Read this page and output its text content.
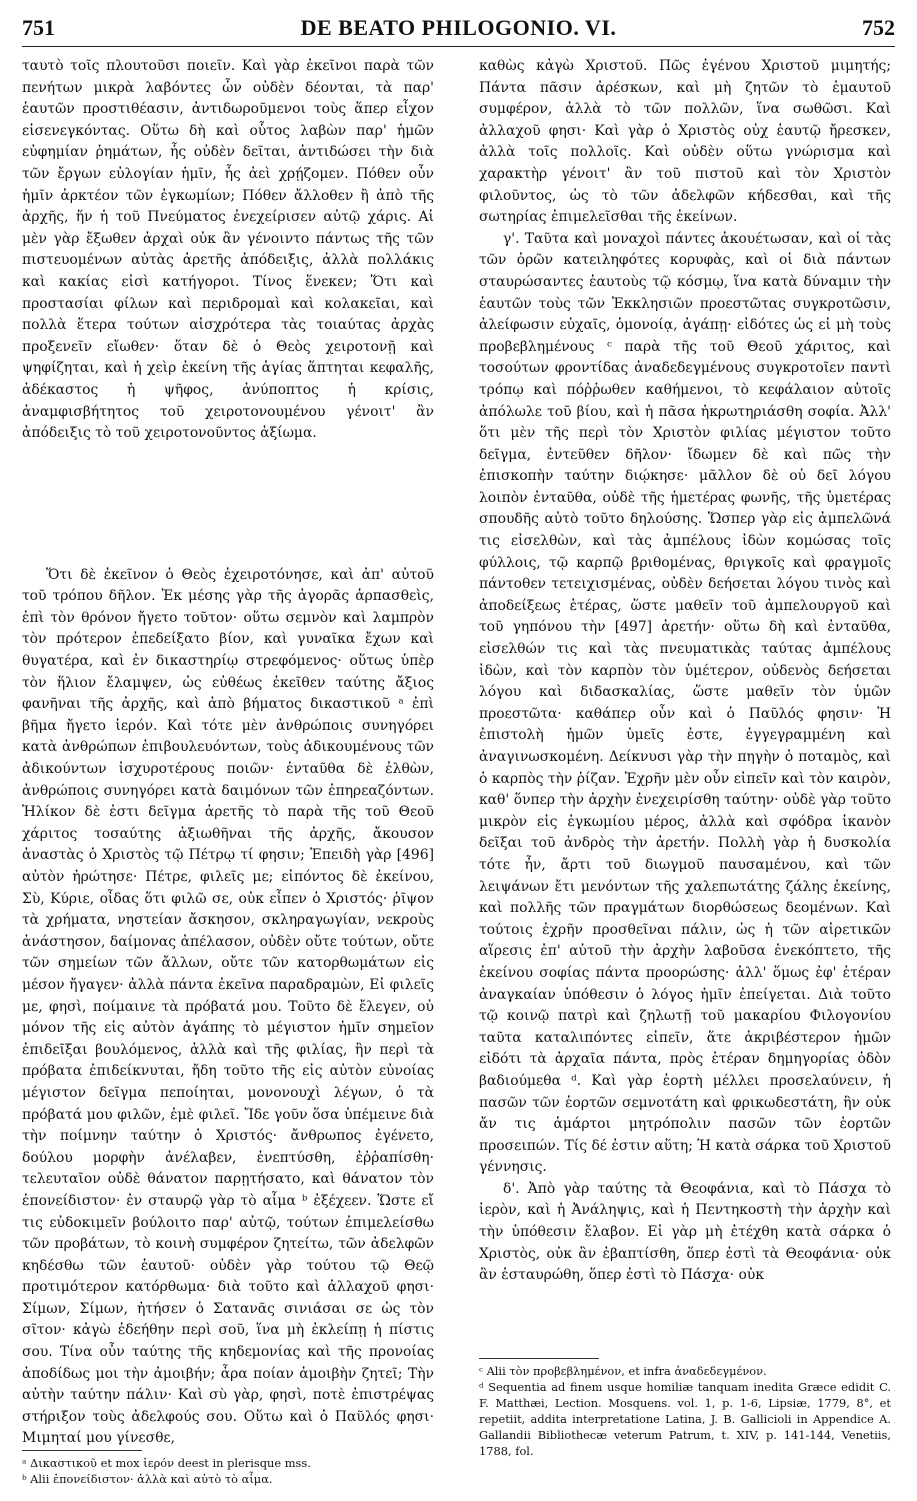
751	DE BEATO PHILOGONIO. VI.	752

ταυτὸ τοῖς πλουτοῦσι ποιεῖν. Καὶ γὰρ ἐκεῖνοι παρὰ τῶν πενήτων μικρὰ λαβόντες ὧν οὐδὲν δέονται, τὰ παρ' ἑαυτῶν προστιθέασιν, ἀντιδωροῦμενοι τοὺς ἅπερ εἶχον εἰσενεγκόντας. Οὕτω δὴ καὶ οὗτος λαβὼν παρ' ἡμῶν εὐφημίαν ῥημάτων, ἧς οὐδὲν δεῖται, ἀντιδώσει τὴν διὰ τῶν ἔργων εὐλογίαν ἡμῖν, ἧς ἀεὶ χρῄζομεν. Πόθεν οὖν ἡμῖν ἀρκτέον τῶν ἐγκωμίων; Πόθεν ἄλλοθεν ἢ ἀπὸ τῆς ἀρχῆς, ἥν ἡ τοῦ Πνεύματος ἐνεχείρισεν αὐτῷ χάρις. Αἱ μὲν γὰρ ἔξωθεν ἀρχαὶ οὐκ ἂν γένοιντο πάντως τῆς τῶν πιστευομένων αὐτὰς ἀρετῆς ἀπόδειξις, ἀλλὰ πολλάκις καὶ κακίας εἰσὶ κατήγοροι. Τίνος ἕνεκεν; Ὅτι καὶ προστασίαι φίλων καὶ περιδρομαὶ καὶ κολακεῖαι, καὶ πολλὰ ἕτερα τούτων αἰσχρότερα τὰς τοιαύτας ἀρχὰς προξενεῖν εἴωθεν· ὅταν δὲ ὁ Θεὸς χειροτονῇ καὶ ψηφίζηται, καὶ ἡ χεὶρ ἐκείνη τῆς ἁγίας ἅπτηται κεφαλῆς, ἀδέκαστος ἡ ψῆφος, ἀνύποπτος ἡ κρίσις, ἀναμφισβήτητος τοῦ χειροτονουμένου γένοιτ' ἂν ἀπόδειξις τὸ τοῦ χειροτονοῦντος ἀξίωμα.

Ὅτι δὲ ἐκεῖνον ὁ Θεὸς ἐχειροτόνησε, καὶ ἀπ' αὐτοῦ τοῦ τρόπου δῆλον. Ἐκ μέσης γὰρ τῆς ἀγορᾶς ἁρπασθεὶς, ἐπὶ τὸν θρόνον ἤγετο τοῦτον· οὕτω σεμνὸν καὶ λαμπρὸν τὸν πρότερον ἐπεδείξατο βίον, καὶ γυναῖκα ἔχων καὶ θυγατέρα, καὶ ἐν δικαστηρίῳ στρεφόμενος· οὕτως ὑπὲρ τὸν ἥλιον ἔλαμψεν, ὡς εὐθέως ἐκεῖθεν ταύτης ἄξιος φανῆναι τῆς ἀρχῆς, καὶ ἀπὸ βήματος δικαστικοῦ ᵃ ἐπὶ βῆμα ἤγετο ἱερόν. Καὶ τότε μὲν ἀνθρώποις συνηγόρει κατὰ ἀνθρώπων ἐπιβουλευόντων, τοὺς ἀδικουμένους τῶν ἀδικούντων ἰσχυροτέρους ποιῶν· ἐνταῦθα δὲ ἐλθὼν, ἀνθρώποις συνηγόρει κατὰ δαιμόνων τῶν ἐπηρεαζόντων. Ἡλίκον δὲ ἐστι δεῖγμα ἀρετῆς τὸ παρὰ τῆς τοῦ Θεοῦ χάριτος τοσαύτης ἀξιωθῆναι τῆς ἀρχῆς, ἄκουσον ἀναστὰς ὁ Χριστὸς τῷ Πέτρῳ τί φησιν; Ἐπειδὴ γὰρ [496] αὐτὸν ἠρώτησε· Πέτρε, φιλεῖς με; εἰπόντος δὲ ἐκείνου, Σὺ, Κύριε, οἶδας ὅτι φιλῶ σε, οὐκ εἶπεν ὁ Χριστός· ῥῖψον τὰ χρήματα, νηστείαν ἄσκησον, σκληραγωγίαν, νεκροὺς ἀνάστησον, δαίμονας ἀπέλασον, οὐδὲν οὔτε τούτων, οὔτε τῶν σημείων τῶν ἄλλων, οὔτε τῶν κατορθωμάτων εἰς μέσον ἤγαγεν· ἀλλὰ πάντα ἐκεῖνα παραδραμὼν, Εἰ φιλεῖς με, φησὶ, ποίμαινε τὰ πρόβατά μου. Τοῦτο δὲ ἔλεγεν, οὐ μόνον τῆς εἰς αὐτὸν ἀγάπης τὸ μέγιστον ἡμῖν σημεῖον ἐπιδεῖξαι βουλόμενος, ἀλλὰ καὶ τῆς φιλίας, ἣν περὶ τὰ πρόβατα ἐπιδείκνυται, ἤδη τοῦτο τῆς εἰς αὐτὸν εὐνοίας μέγιστον δεῖγμα πεποίηται, μονονουχὶ λέγων, ὁ τὰ πρόβατά μου φιλῶν, ἐμὲ φιλεῖ. Ἴδε γοῦν ὅσα ὑπέμεινε διὰ τὴν ποίμνην ταύτην ὁ Χριστός· ἄνθρωπος ἐγένετο, δούλου μορφὴν ἀνέλαβεν, ἐνεπτύσθη, ἐῤῥαπίσθη· τελευταῖον οὐδὲ θάνατον παρῃτήσατο, καὶ θάνατον τὸν ἐπονείδιστον· ἐν σταυρῷ γὰρ τὸ αἷμα ᵇ ἐξέχεεν. Ὥστε εἴ τις εὐδοκιμεῖν βούλοιτο παρ' αὐτῷ, τούτων ἐπιμελείσθω τῶν προβάτων, τὸ κοινὴ συμφέρον ζητείτω, τῶν ἀδελφῶν κηδέσθω τῶν ἑαυτοῦ· οὐδὲν γὰρ τούτου τῷ Θεῷ προτιμότερον κατόρθωμα· διὰ τοῦτο καὶ ἀλλαχοῦ φησι· Σίμων, Σίμων, ἠτήσεν ὁ Σατανᾶς σινιάσαι σε ὡς τὸν σῖτον· κἀγὼ ἐδεήθην περὶ σοῦ, ἵνα μὴ ἐκλείπῃ ἡ πίστις σου. Τίνα οὖν ταύτης τῆς κηδεμονίας καὶ τῆς προνοίας ἀποδίδως μοι τὴν ἀμοιβήν; ἆρα ποίαν ἀμοιβὴν ζητεῖ; Τὴν αὐτὴν ταύτην πάλιν· Καὶ σὺ γὰρ, φησὶ, ποτὲ ἐπιστρέψας στήριξον τοὺς ἀδελφούς σου. Οὕτω καὶ ὁ Παῦλός φησι· Μιμηταί μου γίνεσθε,

καθὼς κἀγὼ Χριστοῦ. Πῶς ἐγένου Χριστοῦ μιμητής; Πάντα πᾶσιν ἀρέσκων, καὶ μὴ ζητῶν τὸ ἐμαυτοῦ συμφέρον, ἀλλὰ τὸ τῶν πολλῶν, ἵνα σωθῶσι. Καὶ ἀλλαχοῦ φησι· Καὶ γὰρ ὁ Χριστὸς οὐχ ἑαυτῷ ἤρεσκεν, ἀλλὰ τοῖς πολλοῖς. Καὶ οὐδὲν οὕτω γνώρισμα καὶ χαρακτὴρ γένοιτ' ἂν τοῦ πιστοῦ καὶ τὸν Χριστὸν φιλοῦντος, ὡς τὸ τῶν ἀδελφῶν κήδεσθαι, καὶ τῆς σωτηρίας ἐπιμελεῖσθαι τῆς ἐκείνων.

γ'. Ταῦτα καὶ μοναχοὶ πάντες ἀκουέτωσαν, καὶ οἱ τὰς τῶν ὀρῶν κατειληφότες κορυφὰς, καὶ οἱ διὰ πάντων σταυρώσαντες ἑαυτοὺς τῷ κόσμῳ, ἵνα κατὰ δύναμιν τὴν ἑαυτῶν τοὺς τῶν Ἐκκλησιῶν προεστῶτας συγκροτῶσιν, ἀλείφωσιν εὐχαῖς, ὁμονοίᾳ, ἀγάπῃ· εἰδότες ὡς εἰ μὴ τοὺς προβεβλημένους ᶜ παρὰ τῆς τοῦ Θεοῦ χάριτος, καὶ τοσούτων φροντίδας ἀναδεδεγμένους συγκροτοῖεν παντὶ τρόπῳ καὶ πόῤῥωθεν καθήμενοι, τὸ κεφάλαιον αὐτοῖς ἀπόλωλε τοῦ βίου, καὶ ἡ πᾶσα ἠκρωτηριάσθη σοφία. Ἀλλ' ὅτι μὲν τῆς περὶ τὸν Χριστὸν φιλίας μέγιστον τοῦτο δεῖγμα, ἐντεῦθεν δῆλον· ἴδωμεν δὲ καὶ πῶς τὴν ἐπισκοπὴν ταύτην διῴκησε· μᾶλλον δὲ οὐ δεῖ λόγου λοιπὸν ἐνταῦθα, οὐδὲ τῆς ἡμετέρας φωνῆς, τῆς ὑμετέρας σπουδῆς αὐτὸ τοῦτο δηλούσης. Ὥσπερ γὰρ εἰς ἀμπελῶνά τις εἰσελθὼν, καὶ τὰς ἀμπέλους ἰδὼν κομώσας τοῖς φύλλοις, τῷ καρπῷ βριθομένας, θριγκοῖς καὶ φραγμοῖς πάντοθεν τετειχισμένας, οὐδὲν δεήσεται λόγου τινὸς καὶ ἀποδείξεως ἑτέρας, ὥστε μαθεῖν τοῦ ἀμπελουργοῦ καὶ τοῦ γηπόνου τὴν [497] ἀρετήν· οὕτω δὴ καὶ ἐνταῦθα, εἰσελθών τις καὶ τὰς πνευματικὰς ταύτας ἀμπέλους ἰδὼν, καὶ τὸν καρπὸν τὸν ὑμέτερον, οὐδενὸς δεήσεται λόγου καὶ διδασκαλίας, ὥστε μαθεῖν τὸν ὑμῶν προεστῶτα· καθάπερ οὖν καὶ ὁ Παῦλός φησιν· Ἡ ἐπιστολὴ ἡμῶν ὑμεῖς ἐστε, ἐγγεγραμμένη καὶ ἀναγινωσκομένη. Δείκνυσι γὰρ τὴν πηγὴν ὁ ποταμὸς, καὶ ὁ καρπὸς τὴν ῥίζαν. Ἐχρῆν μὲν οὖν εἰπεῖν καὶ τὸν καιρὸν, καθ' ὅνπερ τὴν ἀρχὴν ἐνεχειρίσθη ταύτην· οὐδὲ γὰρ τοῦτο μικρὸν εἰς ἐγκωμίου μέρος, ἀλλὰ καὶ σφόδρα ἱκανὸν δεῖξαι τοῦ ἀνδρὸς τὴν ἀρετήν. Πολλὴ γὰρ ἡ δυσκολία τότε ἦν, ἄρτι τοῦ διωγμοῦ παυσαμένου, καὶ τῶν λειψάνων ἔτι μενόντων τῆς χαλεπωτάτης ζάλης ἐκείνης, καὶ πολλῆς τῶν πραγμάτων διορθώσεως δεομένων. Καὶ τούτοις ἐχρῆν προσθεῖναι πάλιν, ὡς ἡ τῶν αἱρετικῶν αἵρεσις ἐπ' αὐτοῦ τὴν ἀρχὴν λαβοῦσα ἐνεκόπτετο, τῆς ἐκείνου σοφίας πάντα προορώσης· ἀλλ' ὅμως ἐφ' ἑτέραν ἀναγκαίαν ὑπόθεσιν ὁ λόγος ἡμῖν ἐπείγεται. Διὰ τοῦτο τῷ κοινῷ πατρὶ καὶ ζηλωτῇ τοῦ μακαρίου Φιλογονίου ταῦτα καταλιπόντες εἰπεῖν, ἅτε ἀκριβέστερον ἡμῶν εἰδότι τὰ ἀρχαῖα πάντα, πρὸς ἑτέραν δημηγορίας ὁδὸν βαδιούμεθα ᵈ. Καὶ γὰρ ἑορτὴ μέλλει προσελαύνειν, ἡ πασῶν τῶν ἑορτῶν σεμνοτάτη καὶ φρικωδεστάτη, ἣν οὐκ ἄν τις ἁμάρτοι μητρόπολιν πασῶν τῶν ἑορτῶν προσειπών. Τίς δέ ἐστιν αὕτη; Ἡ κατὰ σάρκα τοῦ Χριστοῦ γέννησις.

δ'. Ἀπὸ γὰρ ταύτης τὰ Θεοφάνια, καὶ τὸ Πάσχα τὸ ἱερὸν, καὶ ἡ Ἀνάληψις, καὶ ἡ Πεντηκοστὴ τὴν ἀρχὴν καὶ τὴν ὑπόθεσιν ἔλαβον. Εἰ γὰρ μὴ ἐτέχθη κατὰ σάρκα ὁ Χριστὸς, οὐκ ἂν ἐβαπτίσθη, ὅπερ ἐστὶ τὰ Θεοφάνια· οὐκ ἂν ἐσταυρώθη, ὅπερ ἐστὶ τὸ Πάσχα· οὐκ

ᵃ Δικαστικοῦ et mox ἱερόν deest in plerisque mss.
ᵇ Alii ἐπονείδιστον· ἀλλὰ καὶ αὐτὸ τὸ αἷμα.
ᶜ Alii τὸν προβεβλημένον, et infra ἀναδεδεγμένον.
ᵈ Sequentia ad finem usque homiliæ tanquam inedita Græce edidit C. F. Matthæi, Lection. Mosquens. vol. 1, p. 1-6, Lipsiæ, 1779, 8°, et repetiit, addita interpretatione Latina, J. B. Gallicioli in Appendice A. Gallandii Bibliothecæ veterum Patrum, t. XIV, p. 141-144, Venetiis, 1788, fol.
